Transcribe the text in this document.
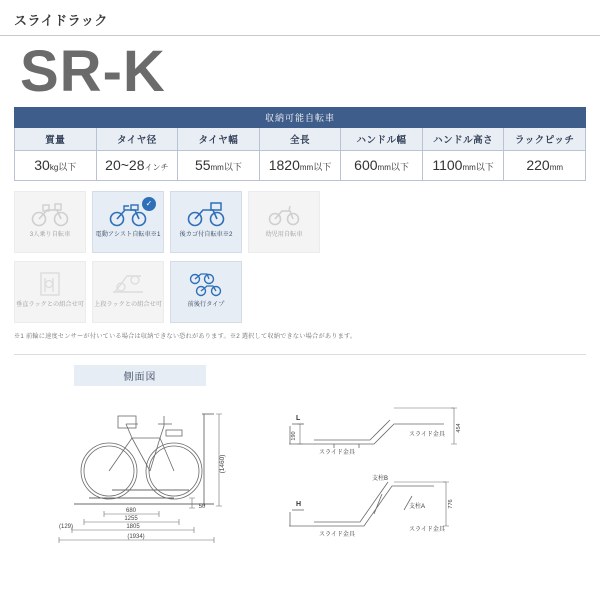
スライドラック
SR-K
収納可能自転車						
質量	タイヤ径	タイヤ幅	全長	ハンドル幅	ハンドル高さ	ラックピッチ
30kg以下	20~28インチ	55mm以下	1820mm以下	600mm以下	1100mm以下	220mm
3人乗り自転車
✓
電動アシスト自転車※1	後カゴ付自転車※2	幼児用自転車
垂直ラックとの組合せ可 上段ラックとの組合せ可	前後行タイプ
※1 前輪に速度センサーが付いている場合は収納できない恐れがあります。※2 選択して収納できない場合があります。
側面図
(1460)
680
1255
1805
(1934)
50
(129)
L
190
454
スライド金具
スライド金具
H	776
スライド金具
スライド金具
支柱B
支柱A
